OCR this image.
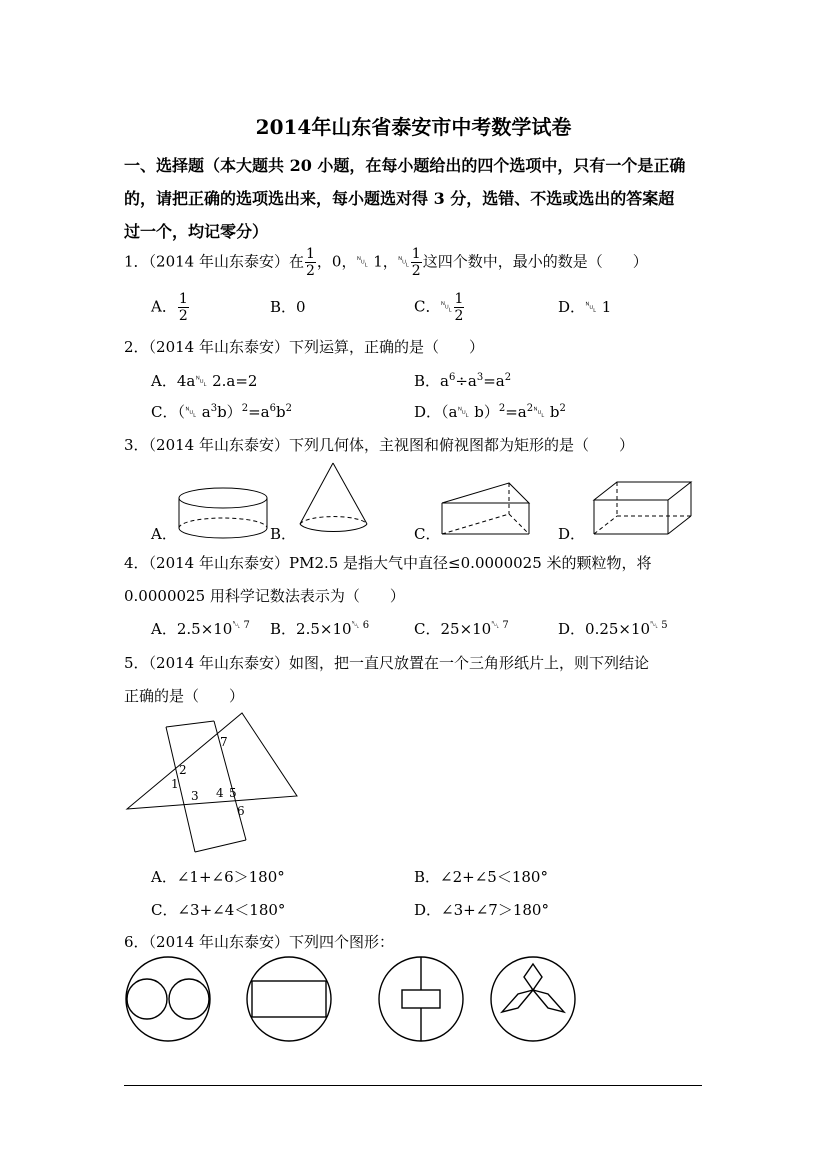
2014年山东省泰安市中考数学试卷
一、选择题（本大题共 20 小题，在每小题给出的四个选项中，只有一个是正确
的，请把正确的选项选出来，每小题选对得 3 分，选错、不选或选出的答案超
过一个，均记零分）
1．（2014 年山东泰安）在 $\frac{1}{2}$ ，0，␀ 1，␀ $\frac{1}{2}$ 这四个数中，最小的数是（　　）
A． $\frac{1}{2}$	B．0	C．␀ $\frac{1}{2}$	D．␀ 1
2．（2014 年山东泰安）下列运算，正确的是（　　）
A．4a␀ 2.a=2	B．$a^6\div a^3=a^2$
C．（␀ $a^3b)^2=a^6b^2$	D．（a␀ $b)^2=a^2␀$ $b^2$
3．（2014 年山东泰安）下列几何体，主视图和俯视图都为矩形的是（　　）
A．	B．	C．	D．
4．（2014 年山东泰安）PM2.5 是指大气中直径≤0.0000025 米的颗粒物，将
0.0000025 用科学记数法表示为（　　）
A．$2.5\times 10^{␀ 7}$ B．$2.5\times 10^{␀ 6}$	C．$25\times 10^{␀ 7}$	D．$0.25\times 10^{␀ 5}$
5．（2014 年山东泰安）如图，把一直尺放置在一个三角形纸片上，则下列结论
正确的是（　　）
1
2
3 4 5
6
7
A．∠1+∠6＞180°	B．∠2+∠5＜180°
C．∠3+∠4＜180°	D．∠3+∠7＞180°
6．（2014 年山东泰安）下列四个图形：
